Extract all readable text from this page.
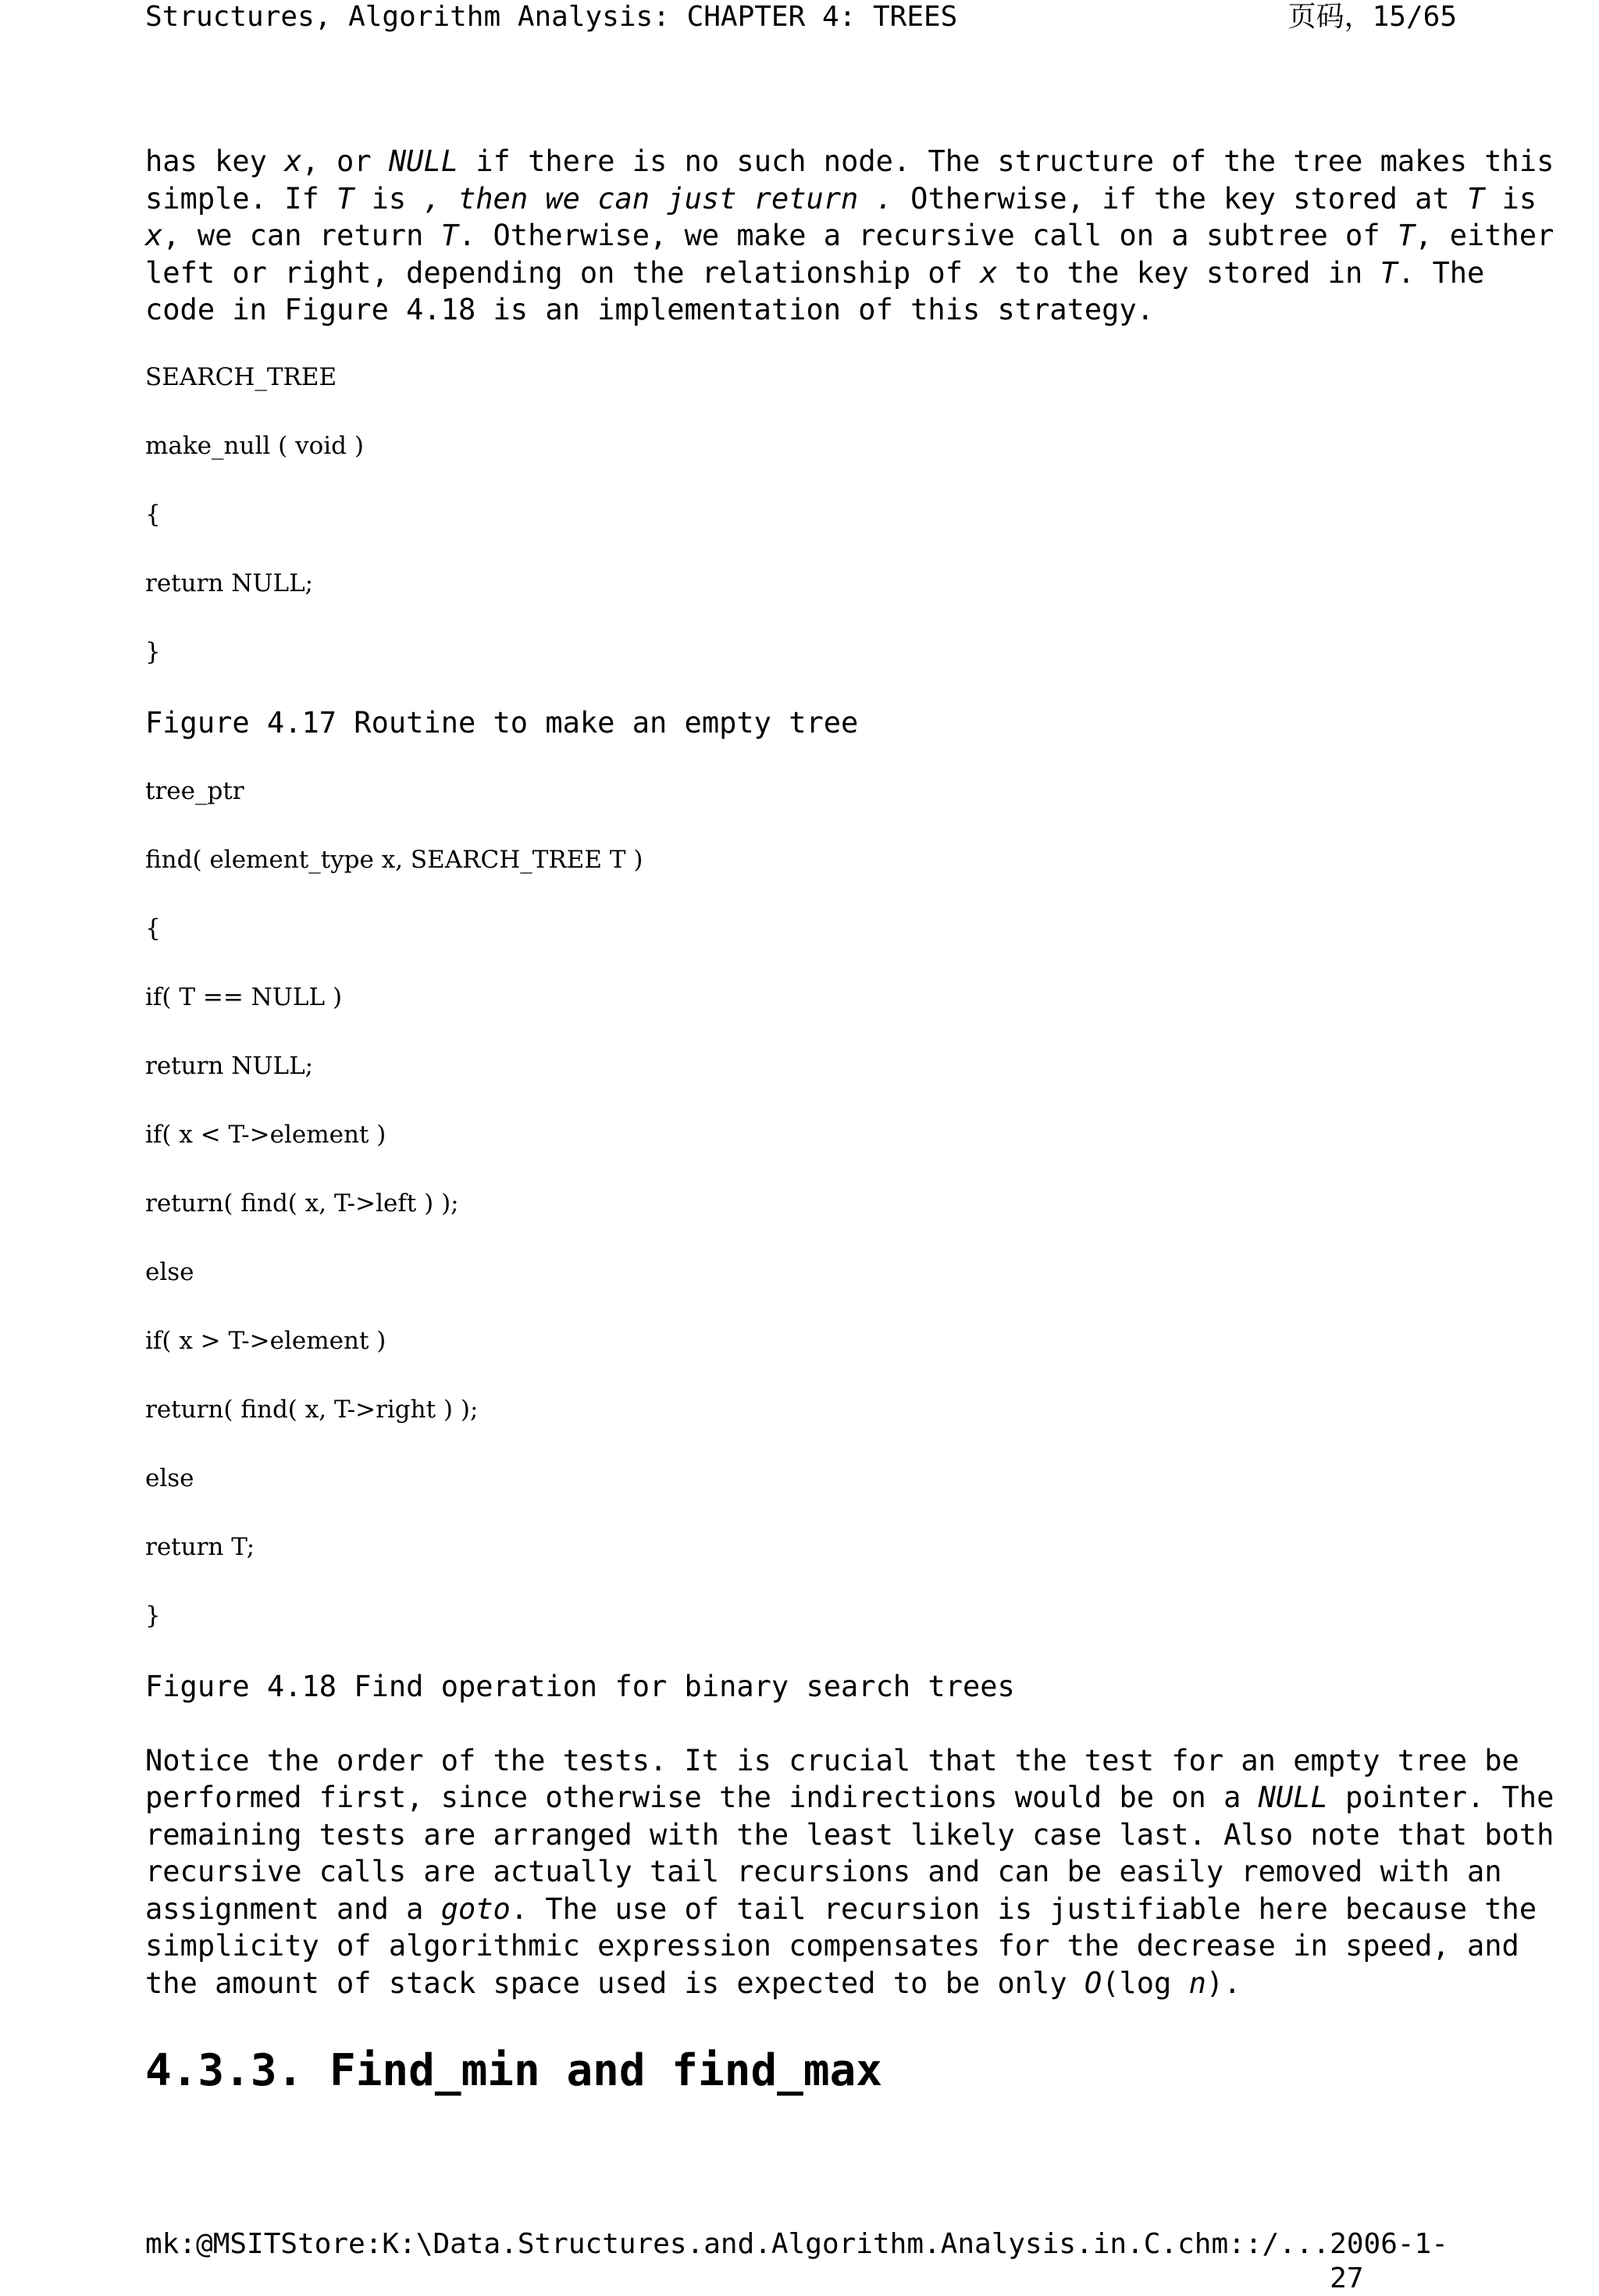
Structures, Algorithm Analysis: CHAPTER 4: TREES	页码，15/65

has key x, or NULL if there is no such node. The structure of the tree makes this

simple. If T is , then we can just return . Otherwise, if the key stored at T is

x, we can return T. Otherwise, we make a recursive call on a subtree of T, either

left or right, depending on the relationship of x to the key stored in T. The

code in Figure 4.18 is an implementation of this strategy.

SEARCH_TREE

make_null ( void )

{

return NULL;

}

Figure 4.17 Routine to make an empty tree

tree_ptr

find( element_type x, SEARCH_TREE T )

{

if( T == NULL )

return NULL;

if( x < T->element )

return( find( x, T->left ) );

else

if( x > T->element )

return( find( x, T->right ) );

else

return T;

}

Figure 4.18 Find operation for binary search trees

Notice the order of the tests. It is crucial that the test for an empty tree be

performed first, since otherwise the indirections would be on a NULL pointer. The

remaining tests are arranged with the least likely case last. Also note that both

recursive calls are actually tail recursions and can be easily removed with an

assignment and a goto. The use of tail recursion is justifiable here because the

simplicity of algorithmic expression compensates for the decrease in speed, and

the amount of stack space used is expected to be only O(log n).

4.3.3. Find_min and find_max
mk:@MSITStore:K:\Data.Structures.and.Algorithm.Analysis.in.C.chm::/... 2006-1-27
